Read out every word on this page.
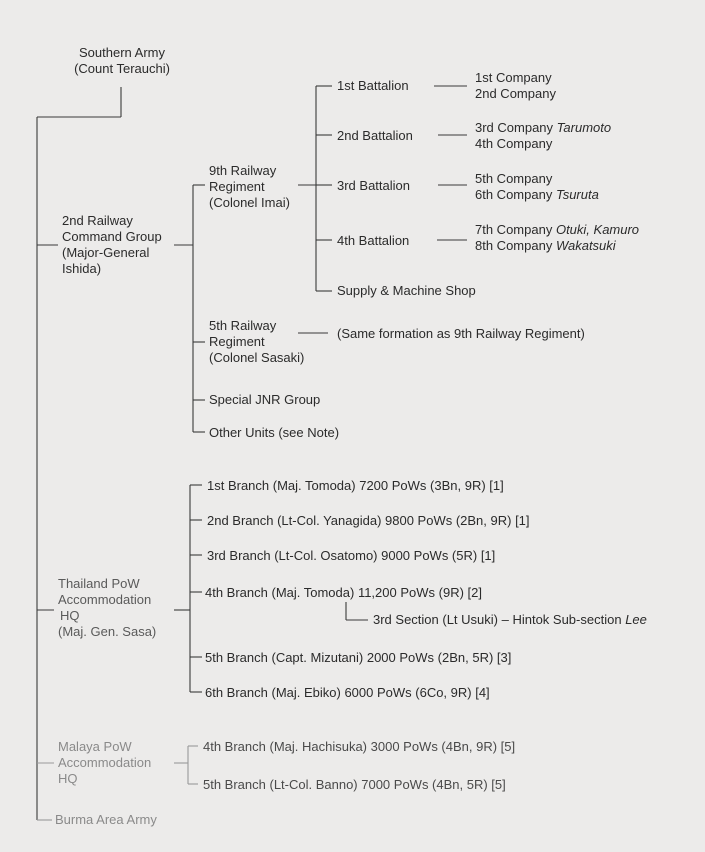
Southern Army
(Count Terauchi)
2nd Railway
Command Group
(Major-General
Ishida)
9th Railway
Regiment
(Colonel Imai)
1st Battalion
2nd Battalion
3rd Battalion
4th Battalion
Supply & Machine Shop
1st Company
2nd Company
3rd Company Tarumoto
4th Company
5th Company
6th Company Tsuruta
7th Company Otuki, Kamuro
8th Company Wakatsuki
5th Railway
Regiment
(Colonel Sasaki)
(Same formation as 9th Railway Regiment)
Special JNR Group
Other Units (see Note)
Thailand PoW
Accommodation
HQ
(Maj. Gen. Sasa)
1st Branch (Maj. Tomoda) 7200 PoWs (3Bn, 9R) [1]
2nd Branch (Lt-Col. Yanagida) 9800 PoWs (2Bn, 9R) [1]
3rd Branch (Lt-Col. Osatomo) 9000 PoWs (5R) [1]
4th Branch (Maj. Tomoda) 11,200 PoWs (9R) [2]
3rd Section (Lt Usuki) – Hintok Sub-section Lee
5th Branch (Capt. Mizutani) 2000 PoWs (2Bn, 5R) [3]
6th Branch (Maj. Ebiko) 6000 PoWs (6Co, 9R) [4]
Malaya PoW
Accommodation
HQ
4th Branch (Maj. Hachisuka) 3000 PoWs (4Bn, 9R) [5]
5th Branch (Lt-Col. Banno) 7000 PoWs (4Bn, 5R) [5]
Burma Area Army
